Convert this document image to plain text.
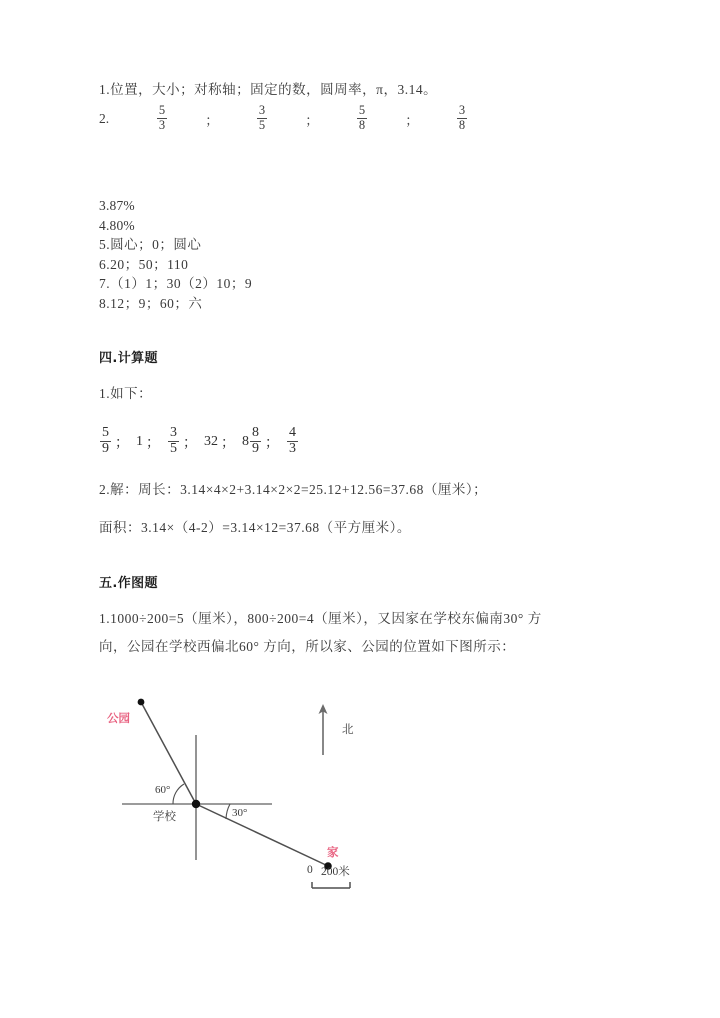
1.位置，大小；对称轴；固定的数，圆周率，π，3.14。
2.	$\frac{5}{3}$	；	$\frac{3}{5}$	；	$\frac{5}{8}$	；	$\frac{3}{8}$
3.87%
4.80%
5.圆心；0；圆心
6.20；50；110
7.（1）1；30（2）10；9
8.12；9；60；六
四.计算题
1.如下：
$\frac{5}{9}$ ； 1 ； $\frac{3}{5}$ ； 32 ； $8 \frac{8}{9}$ ； $\frac{4}{3}$
2.解：周长：3.14×4×2+3.14×2×2=25.12+12.56=37.68（厘米）；
面积：3.14×（4-2）=3.14×12=37.68（平方厘米）。
五.作图题
1.1000÷200=5（厘米），800÷200=4（厘米），又因家在学校东偏南30° 方
向，公园在学校西偏北60° 方向，所以家、公园的位置如下图所示：
公园
学校
家
北
60°
30°
0 200米
